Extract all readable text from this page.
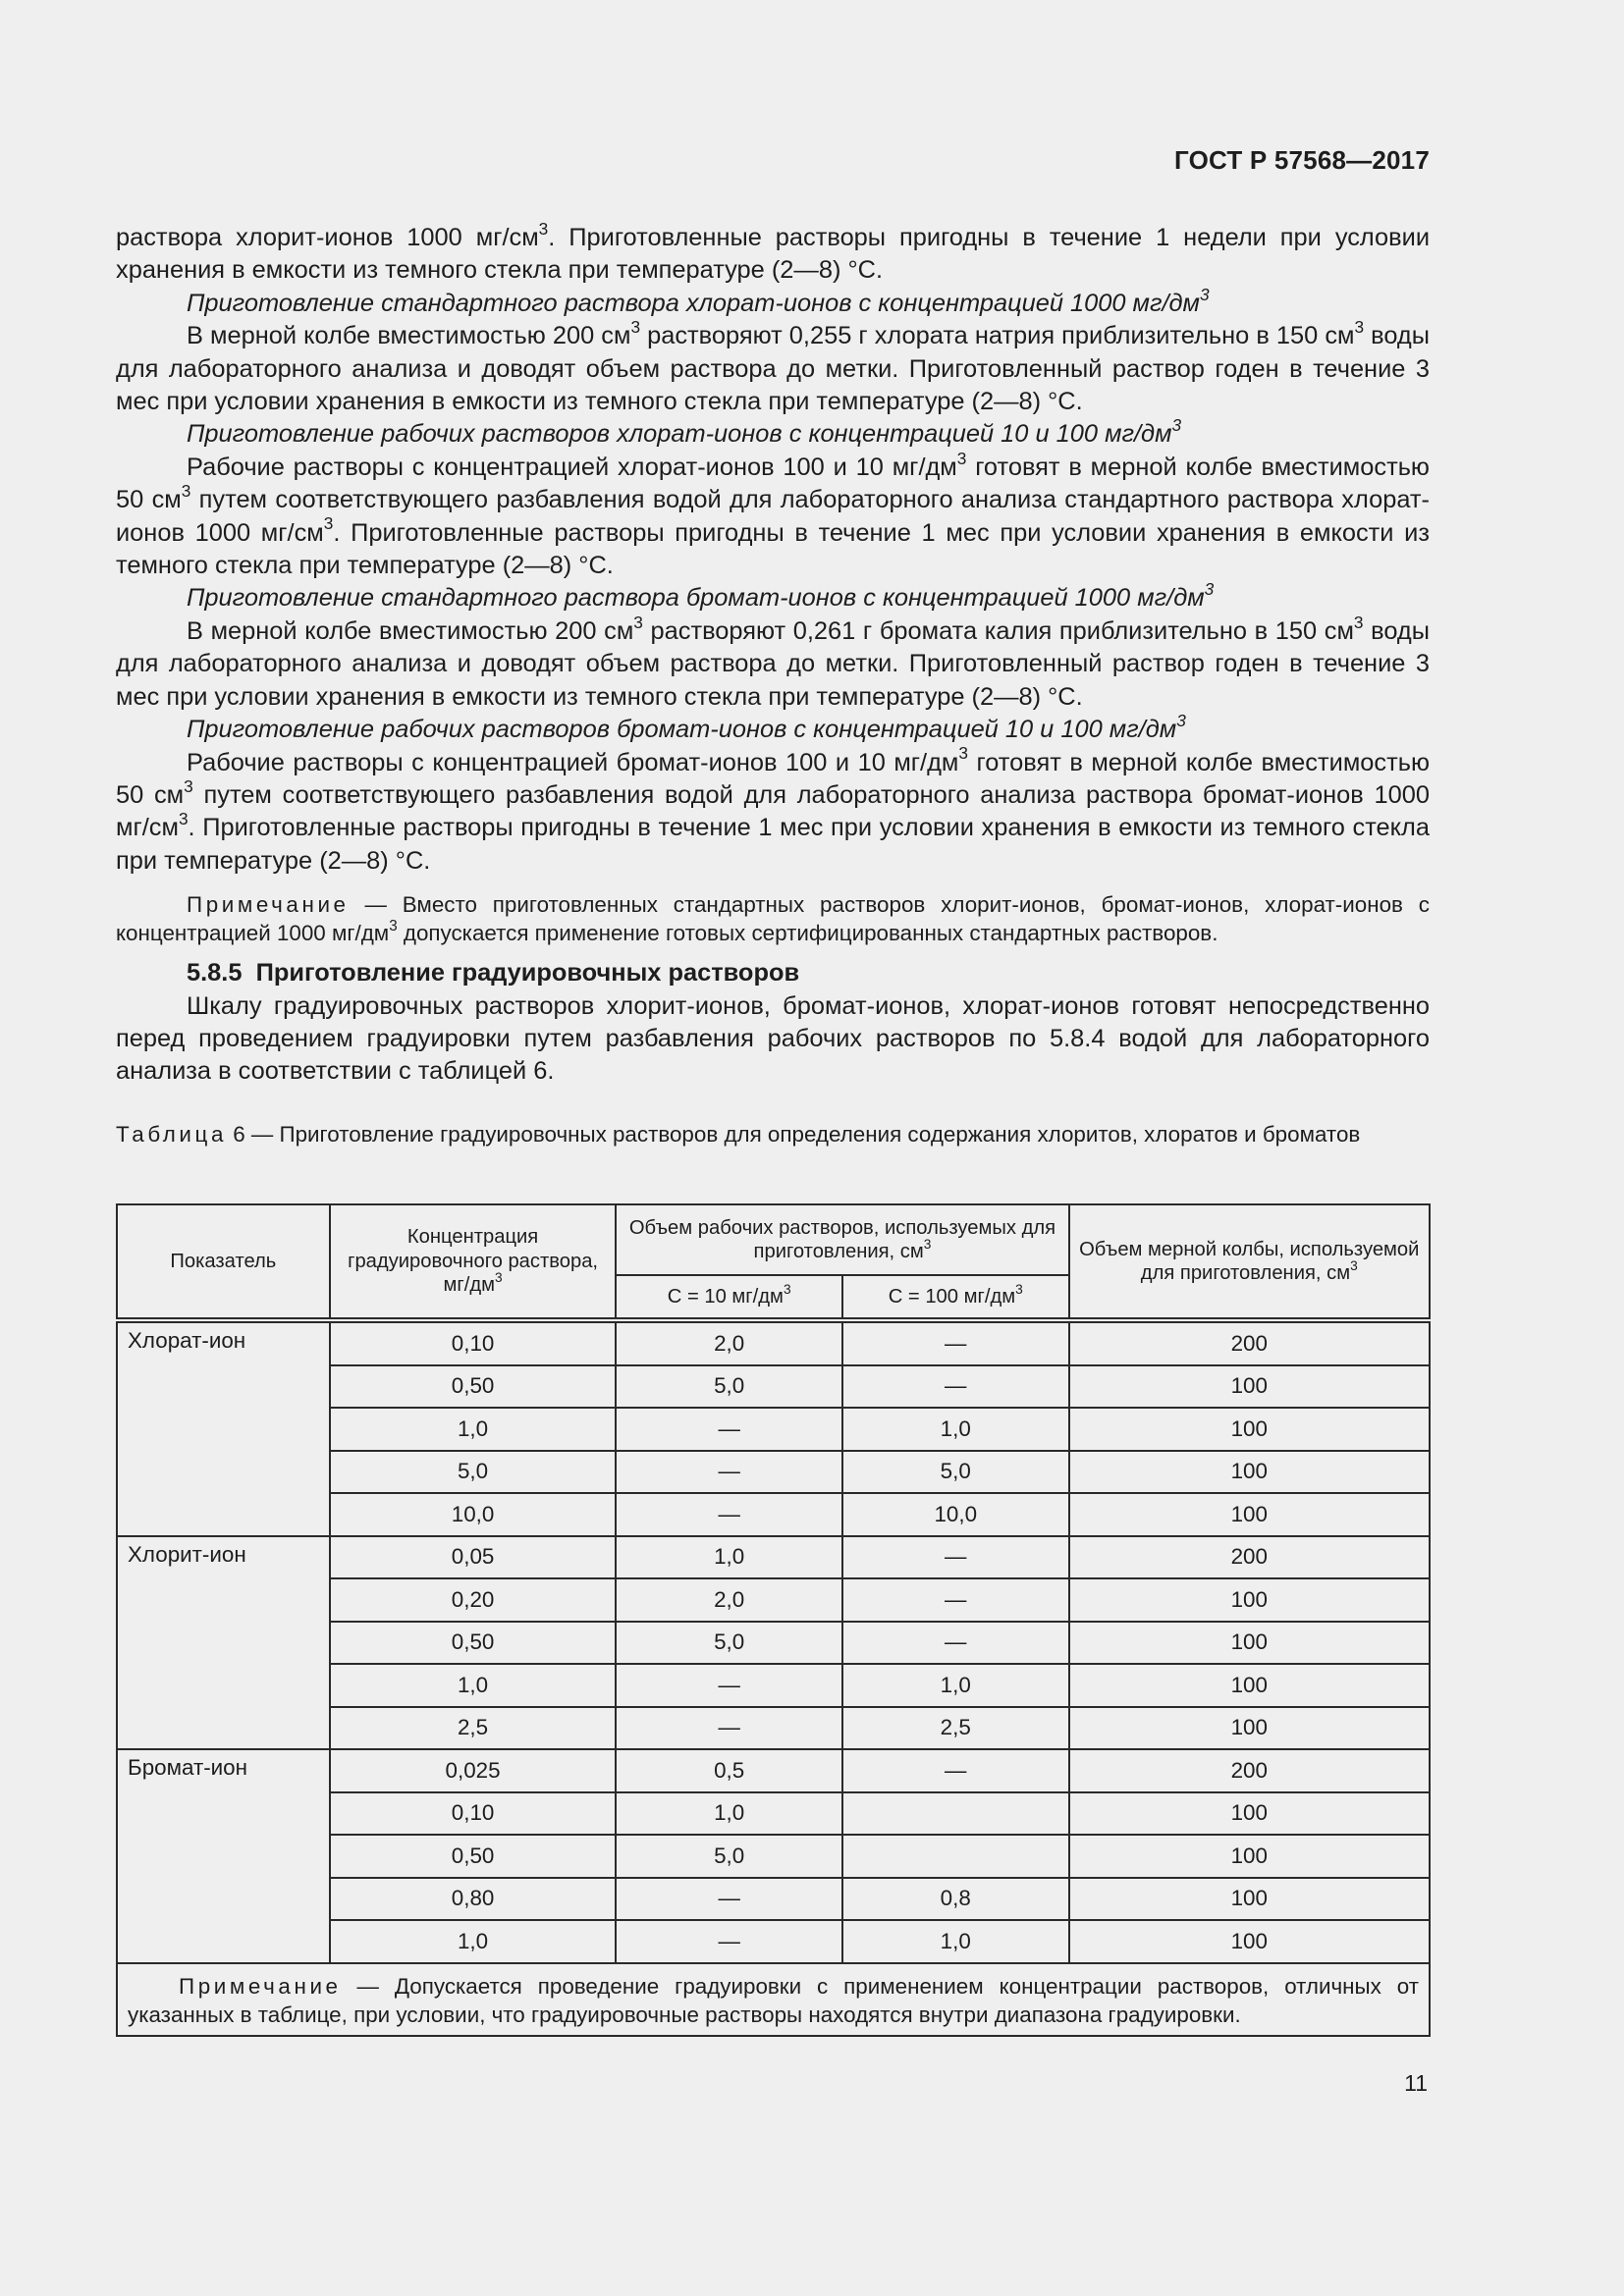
ГОСТ Р 57568—2017

раствора хлорит-ионов 1000 $мг/см^3$. Приготовленные растворы пригодны в течение 1 недели при условии хранения в емкости из темного стекла при температуре (2—8) °С.

Приготовление стандартного раствора хлорат-ионов с концентрацией 1000 $мг/дм^3$

В мерной колбе вместимостью 200 $см^3$ растворяют 0,255 г хлората натрия приблизительно в 150 $см^3$ воды для лабораторного анализа и доводят объем раствора до метки. Приготовленный раствор годен в течение 3 мес при условии хранения в емкости из темного стекла при температуре (2—8) °С.

Приготовление рабочих растворов хлорат-ионов с концентрацией 10 и 100 $мг/дм^3$

Рабочие растворы с концентрацией хлорат-ионов 100 и 10 $мг/дм^3$ готовят в мерной колбе вместимостью 50 $см^3$ путем соответствующего разбавления водой для лабораторного анализа стандартного раствора хлорат-ионов 1000 $мг/см^3$. Приготовленные растворы пригодны в течение 1 мес при условии хранения в емкости из темного стекла при температуре (2—8) °С.

Приготовление стандартного раствора бромат-ионов с концентрацией 1000 $мг/дм^3$

В мерной колбе вместимостью 200 $см^3$ растворяют 0,261 г бромата калия приблизительно в 150 $см^3$ воды для лабораторного анализа и доводят объем раствора до метки. Приготовленный раствор годен в течение 3 мес при условии хранения в емкости из темного стекла при температуре (2—8) °С.

Приготовление рабочих растворов бромат-ионов с концентрацией 10 и 100 $мг/дм^3$

Рабочие растворы с концентрацией бромат-ионов 100 и 10 $мг/дм^3$ готовят в мерной колбе вместимостью 50 $см^3$ путем соответствующего разбавления водой для лабораторного анализа раствора бромат-ионов 1000 $мг/см^3$. Приготовленные растворы пригодны в течение 1 мес при условии хранения в емкости из темного стекла при температуре (2—8) °С.

Примечание — Вместо приготовленных стандартных растворов хлорит-ионов, бромат-ионов, хлорат-ионов с концентрацией 1000 $мг/дм^3$ допускается применение готовых сертифицированных стандартных растворов.

5.8.5 Приготовление градуировочных растворов

Шкалу градуировочных растворов хлорит-ионов, бромат-ионов, хлорат-ионов готовят непосредственно перед проведением градуировки путем разбавления рабочих растворов по 5.8.4 водой для лабораторного анализа в соответствии с таблицей 6.

Таблица 6 — Приготовление градуировочных растворов для определения содержания хлоритов, хлоратов и броматов
Показатель	Концентрация градуировочного раствора, $мг/дм^3$	Объем рабочих растворов, используемых для приготовления, $см^3$		Объем мерной колбы, используемой для приготовления, $см^3$
		С = 10 $мг/дм^3$	С = 100 $мг/дм^3$
Хлорат-ион	0,10	2,0	—	200
	0,50	5,0	—	100
	1,0	—	1,0	100
	5,0	—	5,0	100
	10,0	—	10,0	100
Хлорит-ион	0,05	1,0	—	200
	0,20	2,0	—	100
	0,50	5,0	—	100
	1,0	—	1,0	100
	2,5	—	2,5	100
Бромат-ион	0,025	0,5	—	200
	0,10	1,0		100
	0,50	5,0		100
	0,80	—	0,8	100
	1,0	—	1,0	100
Примечание — Допускается проведение градуировки с применением концентрации растворов, отличных от указанных в таблице, при условии, что градуировочные растворы находятся внутри диапазона градуировки.				
11
